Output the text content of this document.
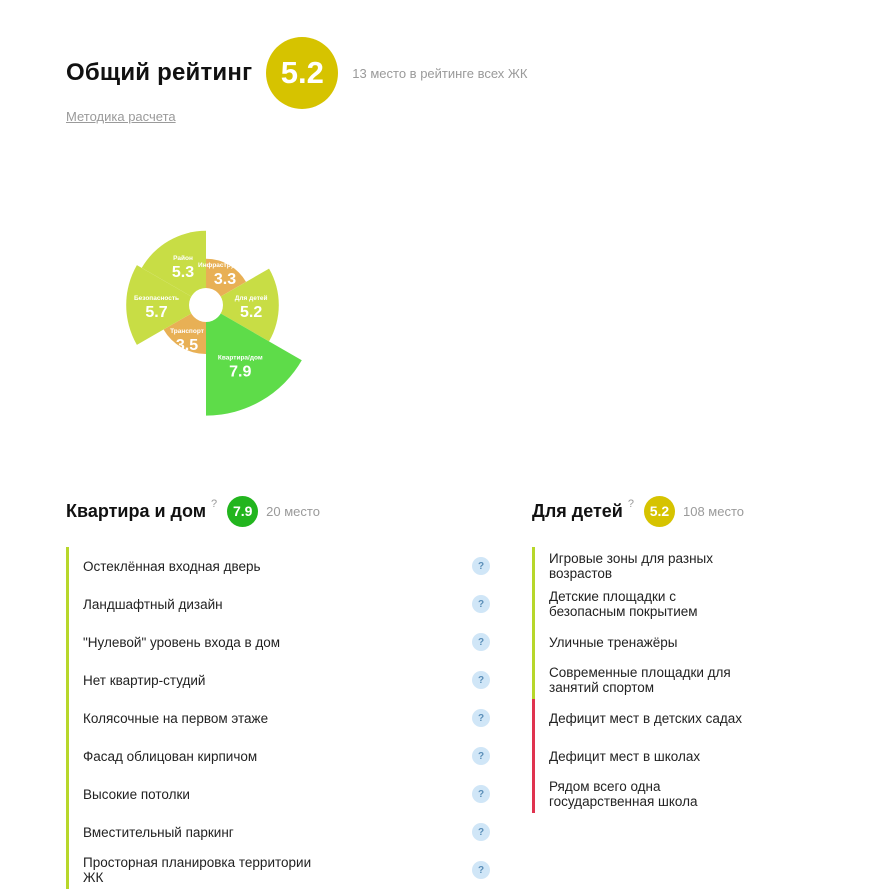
Общий рейтинг 5.2 13 место в рейтинге всех ЖК
Методика расчета
Инфраструктура
3.3
Для детей
5.2
Квартира/дом
7.9
Транспорт
3.5
Безопасность
5.7
Район
5.3
Квартира и дом ? 7.9 20 место
Остеклённая входная дверь	?
Ландшафтный дизайн	?
"Нулевой" уровень входа в дом	?
Нет квартир-студий	?
Колясочные на первом этаже	?
Фасад облицован кирпичом	?
Высокие потолки	?
Вместительный паркинг	?
Просторная планировка территории ЖК	?
Для детей ? 5.2 108 место
Игровые зоны для разных возрастов
Детские площадки с безопасным покрытием
Уличные тренажёры
Современные площадки для занятий спортом
Дефицит мест в детских садах
Дефицит мест в школах
Рядом всего одна государственная школа
